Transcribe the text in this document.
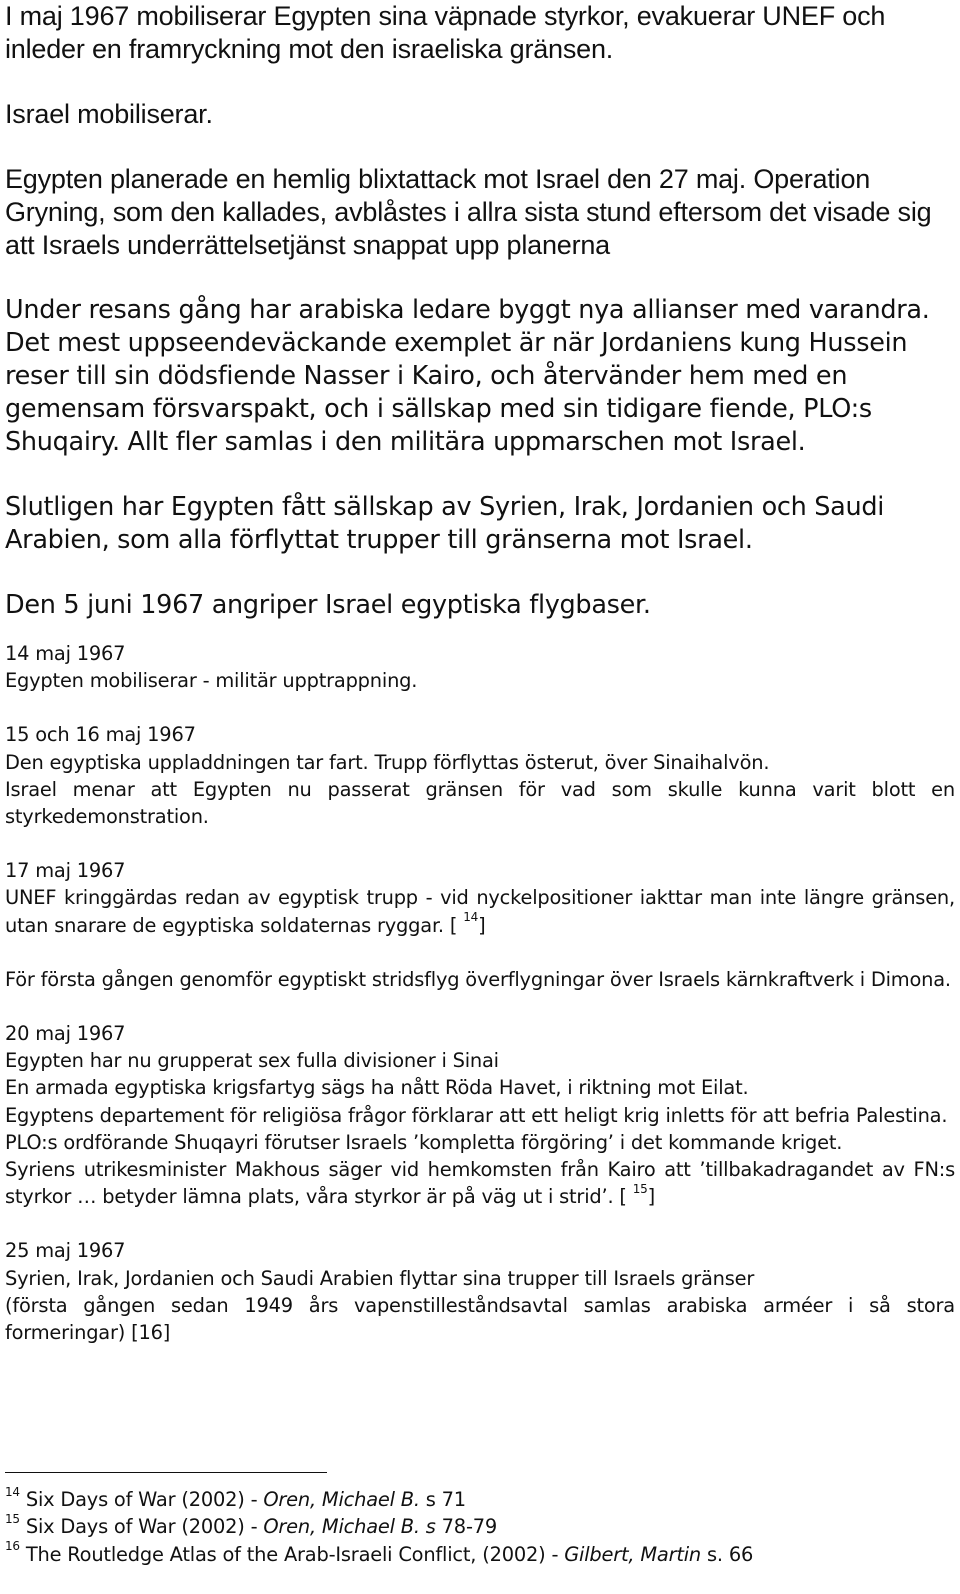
I maj 1967 mobiliserar Egypten sina väpnade styrkor, evakuerar UNEF och inleder en framryckning mot den israeliska gränsen.

Israel mobiliserar.

Egypten planerade en hemlig blixtattack mot Israel den 27 maj. Operation Gryning, som den kallades, avblåstes i allra sista stund eftersom det visade sig att Israels underrättelsetjänst snappat upp planerna

Under resans gång har arabiska ledare byggt nya allianser med varandra. Det mest uppseendeväckande exemplet är när Jordaniens kung Hussein reser till sin dödsfiende Nasser i Kairo, och återvänder hem med en gemensam försvarspakt, och i sällskap med sin tidigare fiende, PLO:s Shuqairy. Allt fler samlas i den militära uppmarschen mot Israel.

Slutligen har Egypten fått sällskap av Syrien, Irak, Jordanien och Saudi Arabien, som alla förflyttat trupper till gränserna mot Israel.

Den 5 juni 1967 angriper Israel egyptiska flygbaser.

14 maj 1967

Egypten mobiliserar - militär upptrappning.

15 och 16 maj 1967

Den egyptiska uppladdningen tar fart. Trupp förflyttas österut, över Sinaihalvön.

Israel menar att Egypten nu passerat gränsen för vad som skulle kunna varit blott en styrkedemonstration.

17 maj 1967

UNEF kringgärdas redan av egyptisk trupp - vid nyckelpositioner iakttar man inte längre gränsen, utan snarare de egyptiska soldaternas ryggar. [ $^{14}$]

För första gången genomför egyptiskt stridsflyg överflygningar över Israels kärnkraftverk i Dimona.

20 maj 1967

Egypten har nu grupperat sex fulla divisioner i Sinai

En armada egyptiska krigsfartyg sägs ha nått Röda Havet, i riktning mot Eilat.

Egyptens departement för religiösa frågor förklarar att ett heligt krig inletts för att befria Palestina.

PLO:s ordförande Shuqayri förutser Israels ’kompletta förgöring’ i det kommande kriget.

Syriens utrikesminister Makhous säger vid hemkomsten från Kairo att ’tillbakadragandet av FN:s styrkor … betyder lämna plats, våra styrkor är på väg ut i strid’. [ $^{15}$]

25 maj 1967

Syrien, Irak, Jordanien och Saudi Arabien flyttar sina trupper till Israels gränser

(första gången sedan 1949 års vapenstilleståndsavtal samlas arabiska arméer i så stora formeringar) [16]

$^{14}$ Six Days of War (2002) - Oren, Michael B. s 71

$^{15}$ Six Days of War (2002) - Oren, Michael B. s 78-79

$^{16}$ The Routledge Atlas of the Arab-Israeli Conflict, (2002) - Gilbert, Martin s. 66
